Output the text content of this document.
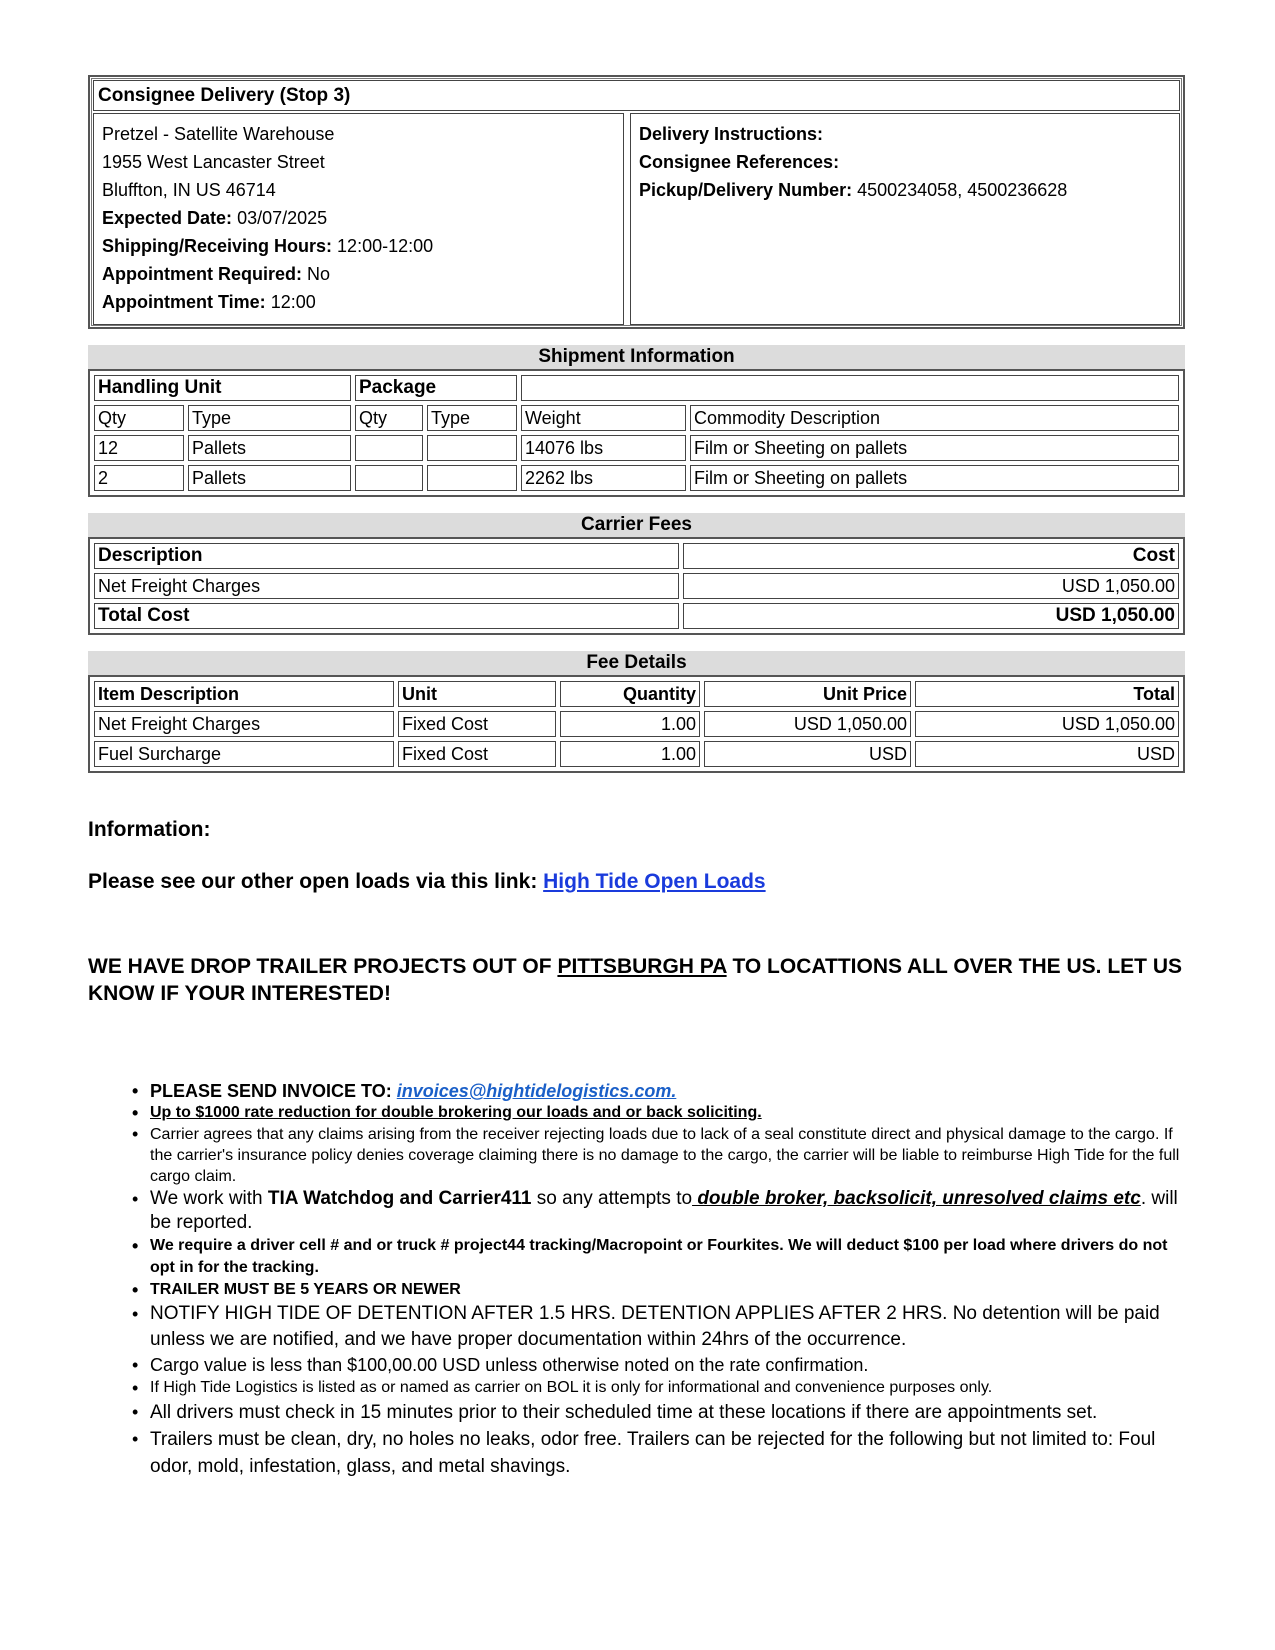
Consignee Delivery (Stop 3)
Pretzel - Satellite Warehouse
1955 West Lancaster Street
Bluffton, IN US 46714
Expected Date: 03/07/2025
Shipping/Receiving Hours: 12:00-12:00
Appointment Required: No
Appointment Time: 12:00
Delivery Instructions:
Consignee References:
Pickup/Delivery Number: 4500234058, 4500236628
Shipment Information
Handling Unit		Package			
Qty	Type	Qty	Type	Weight	Commodity Description
12	Pallets			14076 lbs	Film or Sheeting on pallets
2	Pallets			2262 lbs	Film or Sheeting on pallets
Carrier Fees
Description	Cost
Net Freight Charges	USD 1,050.00
Total Cost	USD 1,050.00
Fee Details
Item Description	Unit	Quantity	Unit Price	Total
Net Freight Charges	Fixed Cost	1.00	USD 1,050.00	USD 1,050.00
Fuel Surcharge	Fixed Cost	1.00	USD	USD
Information:
Please see our other open loads via this link: High Tide Open Loads
WE HAVE DROP TRAILER PROJECTS OUT OF PITTSBURGH PA TO LOCATTIONS ALL OVER THE US. LET US KNOW IF YOUR INTERESTED!
• PLEASE SEND INVOICE TO: invoices@hightidelogistics.com.
• Up to $1000 rate reduction for double brokering our loads and or back soliciting.
• Carrier agrees that any claims arising from the receiver rejecting loads due to lack of a seal constitute direct and physical damage to the cargo. If the carrier's insurance policy denies coverage claiming there is no damage to the cargo, the carrier will be liable to reimburse High Tide for the full cargo claim.
• We work with TIA Watchdog and Carrier411 so any attempts to double broker, backsolicit, unresolved claims etc. will be reported.
• We require a driver cell # and or truck # project44 tracking/Macropoint or Fourkites. We will deduct $100 per load where drivers do not opt in for the tracking.
• TRAILER MUST BE 5 YEARS OR NEWER
• NOTIFY HIGH TIDE OF DETENTION AFTER 1.5 HRS. DETENTION APPLIES AFTER 2 HRS. No detention will be paid unless we are notified, and we have proper documentation within 24hrs of the occurrence.
• Cargo value is less than $100,00.00 USD unless otherwise noted on the rate confirmation.
• If High Tide Logistics is listed as or named as carrier on BOL it is only for informational and convenience purposes only.
• All drivers must check in 15 minutes prior to their scheduled time at these locations if there are appointments set.
• Trailers must be clean, dry, no holes no leaks, odor free. Trailers can be rejected for the following but not limited to: Foul odor, mold, infestation, glass, and metal shavings.
